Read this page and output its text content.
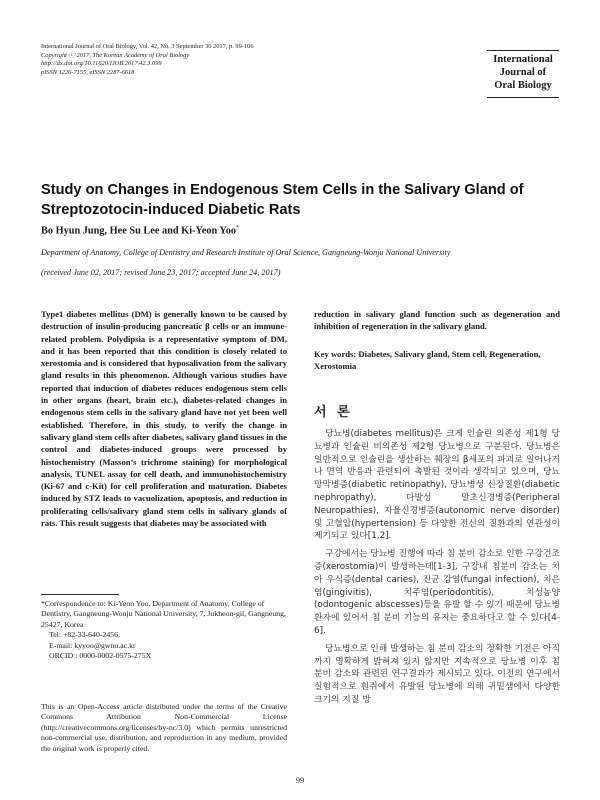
International Journal of Oral Biology, Vol. 42, No. 3 September 30 2017, p. 99-106
Copyright ⓒ 2017, The Korean Academy of Oral Biology
http://dx.doi.org/10.11620/IJOB.2017.42.3.099
pISSN 1226-7155, eISSN 2287-6618
International
Journal of
Oral Biology
Study on Changes in Endogenous Stem Cells in the Salivary Gland of Streptozotocin-induced Diabetic Rats
Bo Hyun Jung, Hee Su Lee and Ki-Yeon Yoo*
Department of Anatomy, College of Dentistry and Research Institute of Oral Science, Gangneung-Wonju National University
(received June 02, 2017; revised June 23, 2017; accepted June 24, 2017)
Type1 diabetes mellitus (DM) is generally known to be caused by destruction of insulin-producing pancreatic β cells or an immune-related problem. Polydipsia is a representative symptom of DM, and it has been reported that this condition is closely related to xerostomia and is considered that hyposalivation from the salivary gland results in this phenomenon. Although various studies have reported that induction of diabetes reduces endogenous stem cells in other organs (heart, brain etc.), diabetes-related changes in endogenous stem cells in the salivary gland have not yet been well established. Therefore, in this study, to verify the change in salivary gland stem cells after diabetes, salivary gland tissues in the control and diabetes-induced groups were processed by histochemistry (Masson’s trichrome staining) for morphological analysis, TUNEL assay for cell death, and immunohistochemistry (Ki-67 and c-Kit) for cell proliferation and maturation. Diabetes induced by STZ leads to vacuolization, apoptosis, and reduction in proliferating cells/salivary gland stem cells in salivary glands of rats. This result suggests that diabetes may be associated with
reduction in salivary gland function such as degeneration and inhibition of regeneration in the salivary gland.
Key words: Diabetes, Salivary gland, Stem cell, Regeneration, Xerostomia
서 론

당뇨병(diabetes mellitus)은 크게 인슐린 의존성 제1형 당뇨병과 인슐린 비의존성 제2형 당뇨병으로 구분된다. 당뇨병은 일반적으로 인슐린을 생산하는 췌장의 β세포의 파괴로 일어나거나 면역 반응과 관련되어 촉발된 것이라 생각되고 있으며, 당뇨망막병증(diabetic retinopathy), 당뇨병성 신장질환(diabetic nephropathy), 다발성 말초신경병증(Peripheral Neuropathies), 자율신경병증(autonomic nerve disorder) 및 고혈압(hypertension) 등 다양한 전신의 질환과의 연관성이 제기되고 있다[1,2].

구강에서는 당뇨병 진행에 따라 침 분비 감소로 인한 구강건조증(xerostomia)이 발생하는데[1-3], 구강내 침분비 감소는 치아 우식증(dental caries), 진균 감염(fungal infection), 치은염(gingivitis), 치주염(periodontitis), 치성농양(odontogenic abscesses)등을 유발 할 수 있기 때문에 당뇨병 환자에 있어서 침 분비 기능의 유지는 중요하다고 할 수 있다[4-6].

당뇨병으로 인해 발생하는 침 분비 감소의 정확한 기전은 아직까지 명확하게 밝혀져 있지 않지만 지속적으로 당뇨병 이후 침 분비 감소와 관련된 연구결과가 제시되고 있다. 이전의 연구에서 실험적으로 훤쥐에서 유발된 당뇨병에 의해 귀밑샘에서 다양한 크기의 지질 방

*Correspondence to: Ki-Yeon Yoo, Department of Anatomy, College of Dentistry, Gangneung-Wonju National University, 7, Jukheon-gil, Gangneung, 25427, Korea
Tel: +82-33-640-2456,
E-mail: kyyoo@gwnu.ac.kr
ORCID : 0000-0002-0575-275X
This is an Open-Access article distributed under the terms of the Creative Commons Attribution Non-Commercial License (http://creativecommons.org/licenses/by-nc/3.0) which permits unrestricted non-commercial use, distribution, and reproduction in any medium, provided the original work is properly cited.
99
